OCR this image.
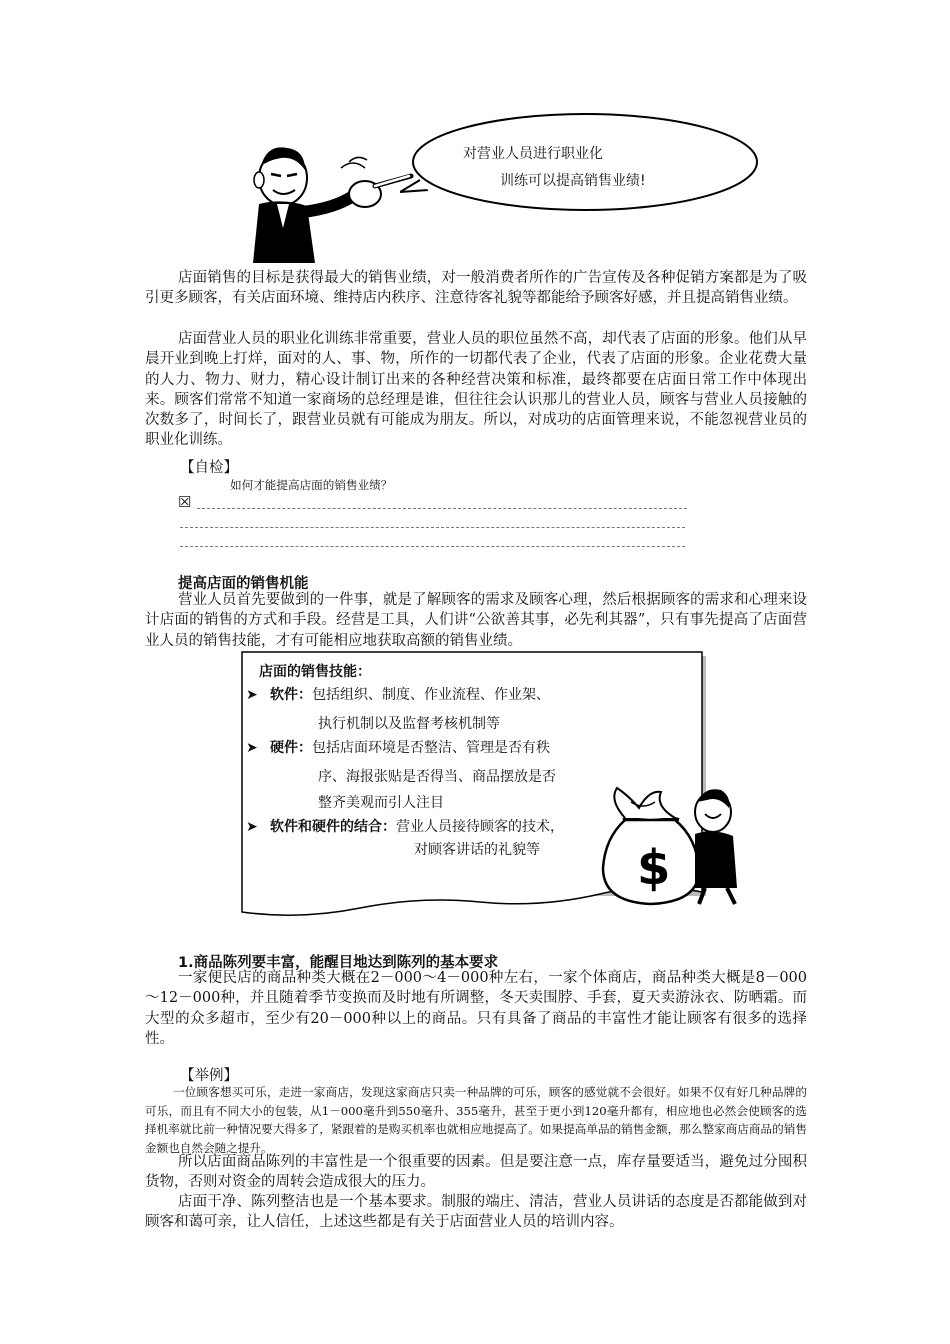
对营业人员进行职业化
训练可以提高销售业绩!
店面销售的目标是获得最大的销售业绩，对一般消费者所作的广告宣传及各种促销方案都是为了吸引更多顾客，有关店面环境、维持店内秩序、注意待客礼貌等都能给予顾客好感，并且提高销售业绩。
店面营业人员的职业化训练非常重要，营业人员的职位虽然不高，却代表了店面的形象。他们从早晨开业到晚上打烊，面对的人、事、物，所作的一切都代表了企业，代表了店面的形象。企业花费大量的人力、物力、财力，精心设计制订出来的各种经营决策和标准，最终都要在店面日常工作中体现出来。顾客们常常不知道一家商场的总经理是谁，但往往会认识那儿的营业人员，顾客与营业人员接触的次数多了，时间长了，跟营业员就有可能成为朋友。所以，对成功的店面管理来说，不能忽视营业员的职业化训练。
【自检】
如何才能提高店面的销售业绩？
☒
提高店面的销售机能
营业人员首先要做到的一件事，就是了解顾客的需求及顾客心理，然后根据顾客的需求和心理来设计店面的销售的方式和手段。经营是工具，人们讲“公欲善其事，必先利其器”，只有事先提高了店面营业人员的销售技能，才有可能相应地获取高额的销售业绩。
店面的销售技能：
➤ 软件：包括组织、制度、作业流程、作业架、
执行机制以及监督考核机制等
➤ 硬件：包括店面环境是否整洁、管理是否有秩
序、海报张贴是否得当、商品摆放是否
整齐美观而引人注目
➤ 软件和硬件的结合：营业人员接待顾客的技术，
对顾客讲话的礼貌等 $
1.商品陈列要丰富，能醒目地达到陈列的基本要求
一家便民店的商品种类大概在2－000～4－000种左右，一家个体商店，商品种类大概是8－000～12－000种，并且随着季节变换而及时地有所调整，冬天卖围脖、手套，夏天卖游泳衣、防晒霜。而大型的众多超市，至少有20－000种以上的商品。只有具备了商品的丰富性才能让顾客有很多的选择性。
【举例】
一位顾客想买可乐，走进一家商店，发现这家商店只卖一种品牌的可乐，顾客的感觉就不会很好。如果不仅有好几种品牌的可乐，而且有不同大小的包装，从1－000毫升到550毫升、355毫升，甚至于更小到120毫升都有，相应地也必然会使顾客的选择机率就比前一种情况要大得多了，紧跟着的是购买机率也就相应地提高了。如果提高单品的销售金额，那么整家商店商品的销售金额也自然会随之提升。
所以店面商品陈列的丰富性是一个很重要的因素。但是要注意一点，库存量要适当，避免过分囤积货物，否则对资金的周转会造成很大的压力。
店面干净、陈列整洁也是一个基本要求。制服的端庄、清洁，营业人员讲话的态度是否都能做到对顾客和蔼可亲，让人信任，上述这些都是有关于店面营业人员的培训内容。
